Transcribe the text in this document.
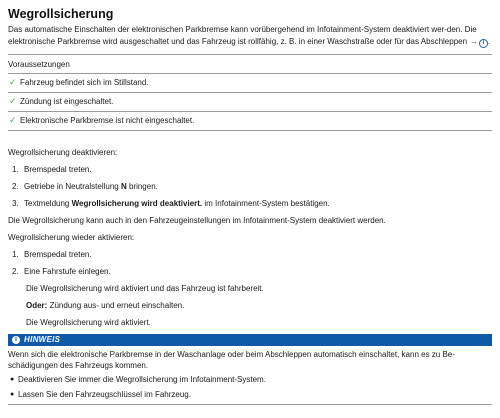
Wegrollsicherung

Das automatische Einschalten der elektronischen Parkbremse kann vorübergehend im Infotainment-System deaktiviert wer-den. Die elektronische Parkbremse wird ausgeschaltet und das Fahrzeug ist rollfähig, z. B. in einer Waschstraße oder für das Abschleppen → i .

Voraussetzungen
✓ Fahrzeug befindet sich im Stillstand.
✓ Zündung ist eingeschaltet.
✓ Elektronische Parkbremse ist nicht eingeschaltet.

Wegrollsicherung deaktivieren:

1. Bremspedal treten.
2. Getriebe in Neutralstellung N bringen.
3. Textmeldung Wegrollsicherung wird deaktiviert. im Infotainment-System bestätigen.

Die Wegrollsicherung kann auch in den Fahrzeugeinstellungen im Infotainment-System deaktiviert werden.

Wegrollsicherung wieder aktivieren:

1. Bremspedal treten.
2. Eine Fahrstufe einlegen.

Die Wegrollsicherung wird aktiviert und das Fahrzeug ist fahrbereit.

Oder: Zündung aus- und erneut einschalten.

Die Wegrollsicherung wird aktiviert.

i HINWEIS

Wenn sich die elektronische Parkbremse in der Waschanlage oder beim Abschleppen automatisch einschaltet, kann es zu Be-schädigungen des Fahrzeugs kommen.

● Deaktivieren Sie immer die Wegrollsicherung im Infotainment-System.
● Lassen Sie den Fahrzeugschlüssel im Fahrzeug.
